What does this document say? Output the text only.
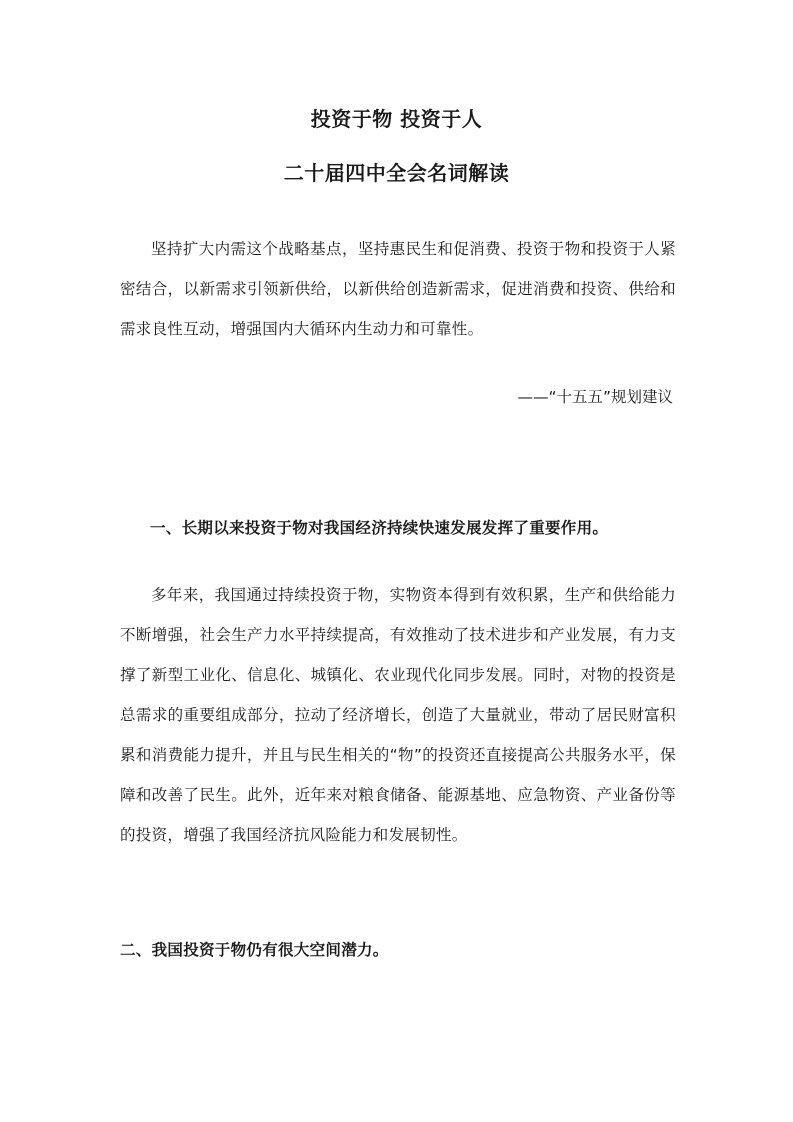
投资于物 投资于人
二十届四中全会名词解读

坚持扩大内需这个战略基点，坚持惠民生和促消费、投资于物和投资于人紧密结合，以新需求引领新供给，以新供给创造新需求，促进消费和投资、供给和需求良性互动，增强国内大循环内生动力和可靠性。

——“十五五”规划建议

一、长期以来投资于物对我国经济持续快速发展发挥了重要作用。

多年来，我国通过持续投资于物，实物资本得到有效积累，生产和供给能力不断增强，社会生产力水平持续提高，有效推动了技术进步和产业发展，有力支撑了新型工业化、信息化、城镇化、农业现代化同步发展。同时，对物的投资是总需求的重要组成部分，拉动了经济增长，创造了大量就业，带动了居民财富积累和消费能力提升，并且与民生相关的“物”的投资还直接提高公共服务水平，保障和改善了民生。此外，近年来对粮食储备、能源基地、应急物资、产业备份等的投资，增强了我国经济抗风险能力和发展韧性。

二、我国投资于物仍有很大空间潜力。
